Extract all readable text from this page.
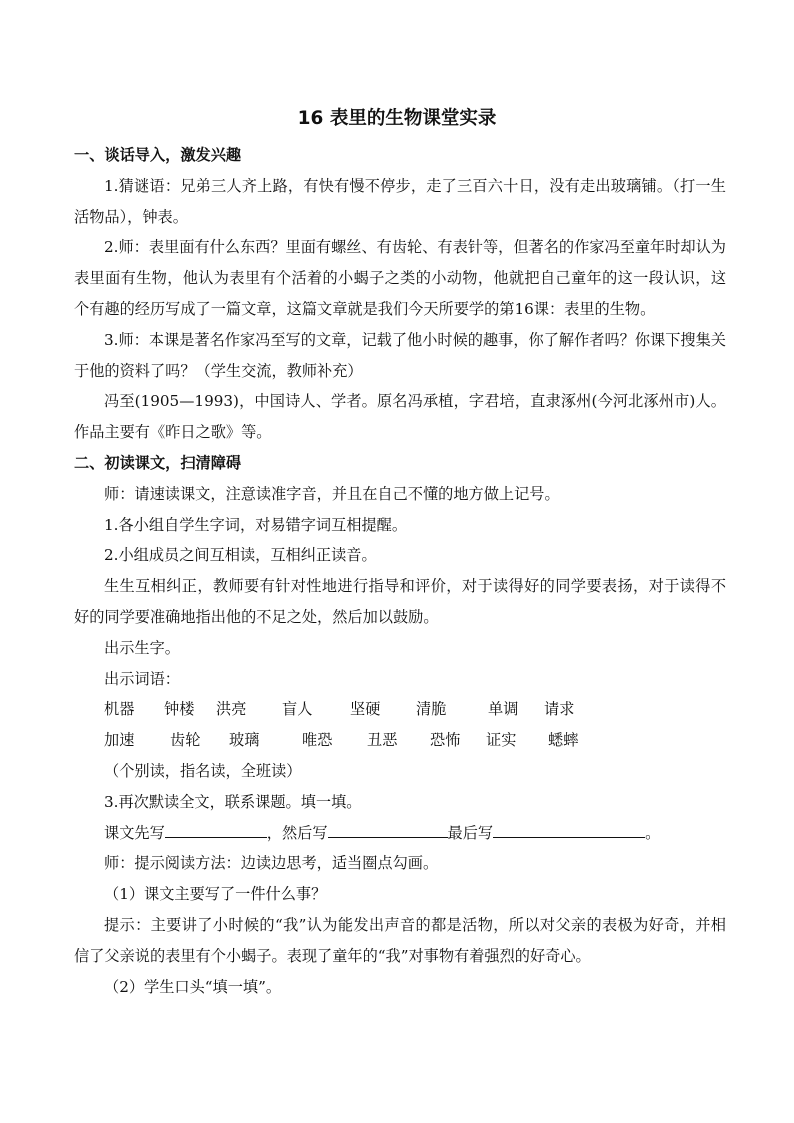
16 表里的生物课堂实录

一、谈话导入，激发兴趣

1.猜谜语：兄弟三人齐上路，有快有慢不停步，走了三百六十日，没有走出玻璃铺。（打一生活物品），钟表。

2.师：表里面有什么东西？里面有螺丝、有齿轮、有表针等，但著名的作家冯至童年时却认为表里面有生物，他认为表里有个活着的小蝎子之类的小动物，他就把自己童年的这一段认识，这个有趣的经历写成了一篇文章，这篇文章就是我们今天所要学的第16课：表里的生物。

3.师：本课是著名作家冯至写的文章，记载了他小时候的趣事，你了解作者吗？你课下搜集关于他的资料了吗？（学生交流，教师补充）

冯至(1905—1993)，中国诗人、学者。原名冯承植，字君培，直隶涿州(今河北涿州市)人。作品主要有《昨日之歌》等。

二、初读课文，扫清障碍

师：请速读课文，注意读准字音，并且在自己不懂的地方做上记号。

1.各小组自学生字词，对易错字词互相提醒。

2.小组成员之间互相读，互相纠正读音。

生生互相纠正，教师要有针对性地进行指导和评价，对于读得好的同学要表扬，对于读得不好的同学要准确地指出他的不足之处，然后加以鼓励。

出示生字。

出示词语：

机器	钟楼	洪亮	盲人	坚硬	清脆	单调	请求
加速	齿轮	玻璃	唯恐	丑恶	恐怖	证实	蟋蟀

（个别读，指名读，全班读）

3.再次默读全文，联系课题。填一填。

课文先写	，然后写	最后写	。

师：提示阅读方法：边读边思考，适当圈点勾画。

（1）课文主要写了一件什么事？

提示：主要讲了小时候的“我”认为能发出声音的都是活物，所以对父亲的表极为好奇，并相信了父亲说的表里有个小蝎子。表现了童年的“我”对事物有着强烈的好奇心。

（2）学生口头“填一填”。
